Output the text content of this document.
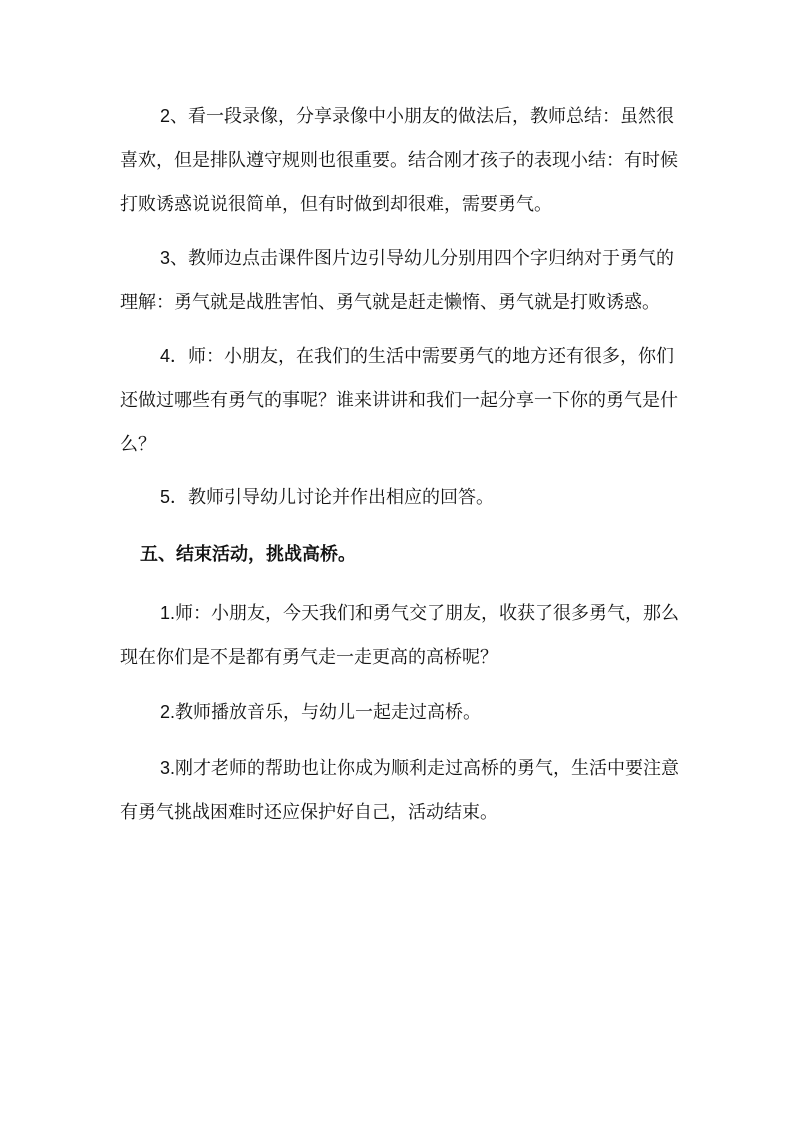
2、看一段录像，分享录像中小朋友的做法后，教师总结：虽然很喜欢，但是排队遵守规则也很重要。结合刚才孩子的表现小结：有时候打败诱惑说说很简单，但有时做到却很难，需要勇气。

3、教师边点击课件图片边引导幼儿分别用四个字归纳对于勇气的理解：勇气就是战胜害怕、勇气就是赶走懒惰、勇气就是打败诱惑。

4．师：小朋友，在我们的生活中需要勇气的地方还有很多，你们还做过哪些有勇气的事呢？谁来讲讲和我们一起分享一下你的勇气是什么？

5．教师引导幼儿讨论并作出相应的回答。

五、结束活动，挑战高桥。

1.师：小朋友，今天我们和勇气交了朋友，收获了很多勇气，那么现在你们是不是都有勇气走一走更高的高桥呢？

2.教师播放音乐，与幼儿一起走过高桥。

3.刚才老师的帮助也让你成为顺利走过高桥的勇气，生活中要注意有勇气挑战困难时还应保护好自己，活动结束。
